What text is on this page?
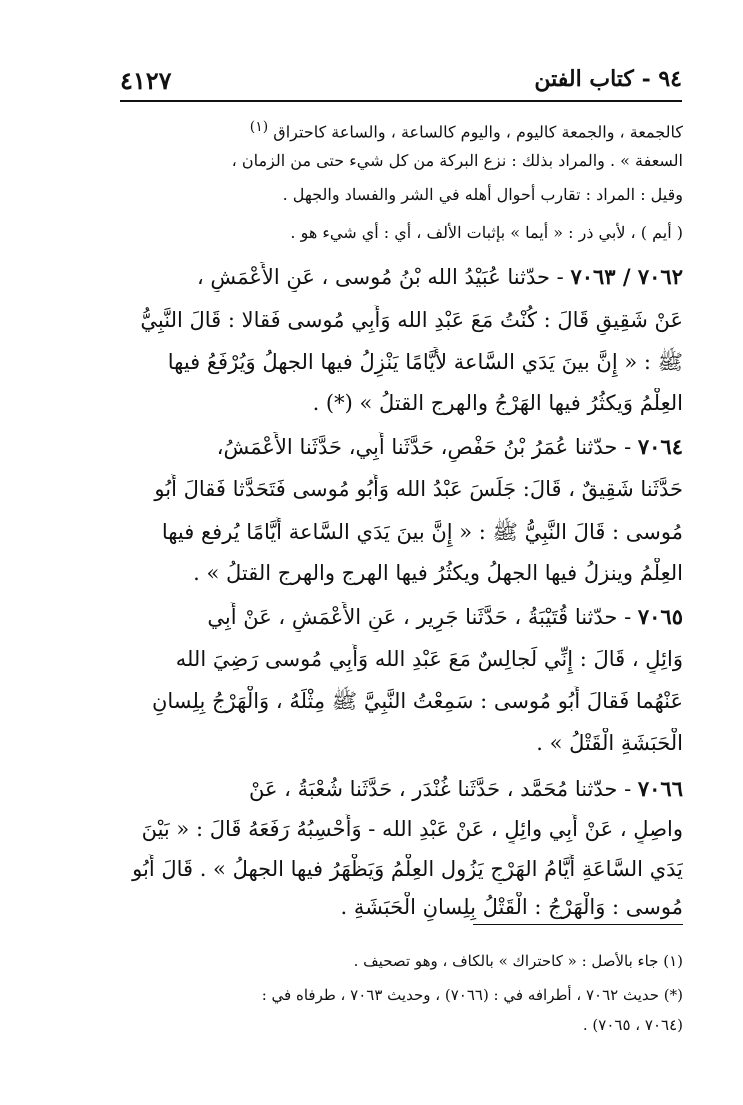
٤١٢٧	٩٤ - كتاب الفتن
كالجمعة ، والجمعة كاليوم ، واليوم كالساعة ، والساعة كاحتراق (١)
السعفة » . والمراد بذلك : نزع البركة من كل شيء حتى من الزمان ،
وقيل : المراد : تقارب أحوال أهله في الشر والفساد والجهل .
( أيم ) ، لأبي ذر : « أيما » بإثبات الألف ، أي : أي شيء هو .
٧٠٦٢ / ٧٠٦٣ - حدّثنا عُبَيْدُ الله بْنُ مُوسى ، عَنِ الأَعْمَشِ ،
عَنْ شَقِيقٍ قَالَ : كُنْتُ مَعَ عَبْدِ الله وَأَبِي مُوسى فَقالا : قَالَ النَّبِيُّ
ﷺ : « إِنَّ بينَ يَدَي السَّاعة لأَيَّامًا يَنْزِلُ فيها الجهلُ وَيُرْفَعُ فيها
العِلْمُ وَيكثُرُ فيها الهَرْجُ والهرج القتلُ » (*) .
٧٠٦٤ - حدّثنا عُمَرُ بْنُ حَفْصٍ، حَدَّثَنا أَبِي، حَدَّثَنا الأَعْمَشُ،
حَدَّثَنا شَقِيقٌ ، قَالَ: جَلَسَ عَبْدُ الله وَأَبُو مُوسى فَتَحَدَّثا فَقالَ أَبُو
مُوسى : قَالَ النَّبِيُّ ﷺ : « إِنَّ بينَ يَدَي السَّاعة أَيَّامًا يُرفع فيها
العِلْمُ وينزلُ فيها الجهلُ ويكثُرُ فيها الهرج والهرج القتلُ » .
٧٠٦٥ - حدّثنا قُتَيْبَةُ ، حَدَّثَنا جَرِير ، عَنِ الأَعْمَشِ ، عَنْ أَبِي
وَائِلٍ ، قَالَ : إِنِّي لَجالِسٌ مَعَ عَبْدِ الله وَأَبِي مُوسى رَضِيَ الله
عَنْهُما فَقالَ أَبُو مُوسى : سَمِعْتُ النَّبِيَّ ﷺ مِثْلَهُ ، وَالْهَرْجُ بِلِسانِ
الْحَبَشَةِ الْقَتْلُ » .
٧٠٦٦ - حدّثنا مُحَمَّد ، حَدَّثَنا غُنْدَر ، حَدَّثَنا شُعْبَةُ ، عَنْ
واصِلٍ ، عَنْ أَبِي وائِلٍ ، عَنْ عَبْدِ الله - وَأَحْسِبُهُ رَفَعَهُ قَالَ : « بَيْنَ
يَدَي السَّاعَةِ أَيَّامُ الهَرْجِ يَزُول العِلْمُ وَيَظْهَرُ فيها الجهلُ » . قَالَ أَبُو
مُوسى : وَالْهَرْجُ : الْقَتْلُ بِلِسانِ الْحَبَشَةِ .
(١) جاء بالأصل : « كاحتراك » بالكاف ، وهو تصحيف .
(*) حديث ٧٠٦٢ ، أطرافه في : (٧٠٦٦) ، وحديث ٧٠٦٣ ، طرفاه في :
(٧٠٦٤ ، ٧٠٦٥) .
